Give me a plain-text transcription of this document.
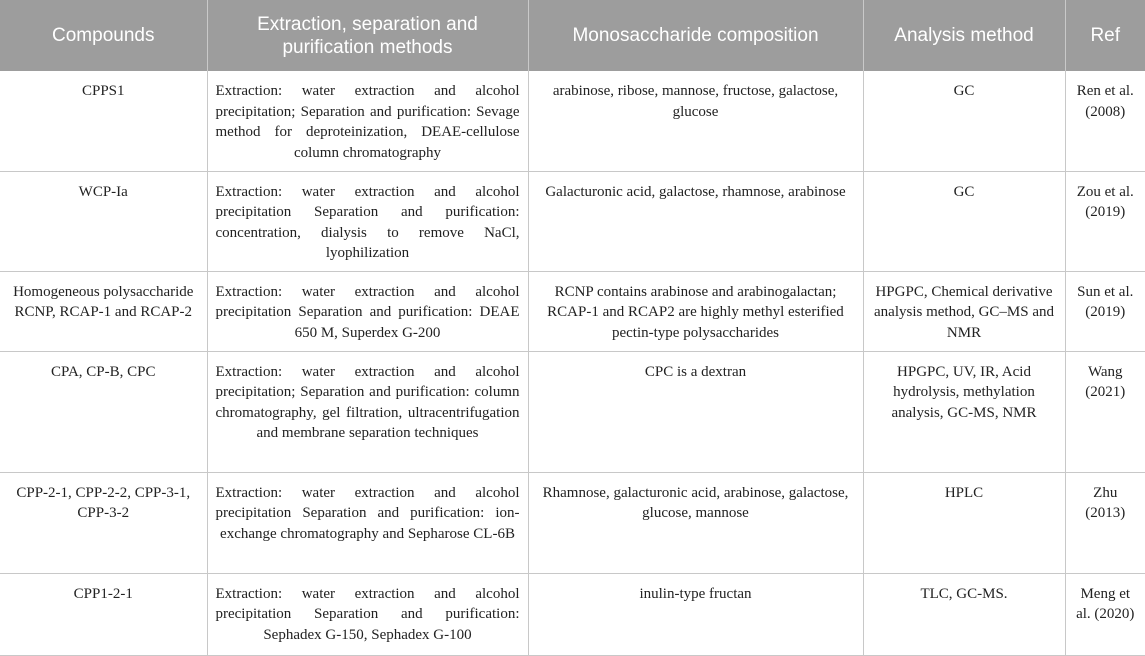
Compounds	Extraction, separation and purification methods	Monosaccharide composition	Analysis method	Ref
CPPS1	Extraction: water extraction and alcohol precipitation; Separation and purification: Sevage method for deproteinization, DEAE-cellulose column chromatography	arabinose, ribose, mannose, fructose, galactose, glucose	GC	Ren et al. (2008)
WCP-Ia	Extraction: water extraction and alcohol precipitation Separation and purification: concentration, dialysis to remove NaCl, lyophilization	Galacturonic acid, galactose, rhamnose, arabinose	GC	Zou et al. (2019)
Homogeneous polysaccharide RCNP, RCAP-1 and RCAP-2	Extraction: water extraction and alcohol precipitation Separation and purification: DEAE 650 M, Superdex G-200	RCNP contains arabinose and arabinogalactan; RCAP-1 and RCAP2 are highly methyl esterified pectin-type polysaccharides	HPGPC, Chemical derivative analysis method, GC–MS and NMR	Sun et al. (2019)
CPA, CP-B, CPC	Extraction: water extraction and alcohol precipitation; Separation and purification: column chromatography, gel filtration, ultracentrifugation and membrane separation techniques	CPC is a dextran	HPGPC, UV, IR, Acid hydrolysis, methylation analysis, GC-MS, NMR	Wang (2021)
CPP-2-1, CPP-2-2, CPP-3-1, CPP-3-2	Extraction: water extraction and alcohol precipitation Separation and purification: ion-exchange chromatography and Sepharose CL-6B	Rhamnose, galacturonic acid, arabinose, galactose, glucose, mannose	HPLC	Zhu (2013)
CPP1-2-1	Extraction: water extraction and alcohol precipitation Separation and purification: Sephadex G-150, Sephadex G-100	inulin-type fructan	TLC, GC-MS.	Meng et al. (2020)
